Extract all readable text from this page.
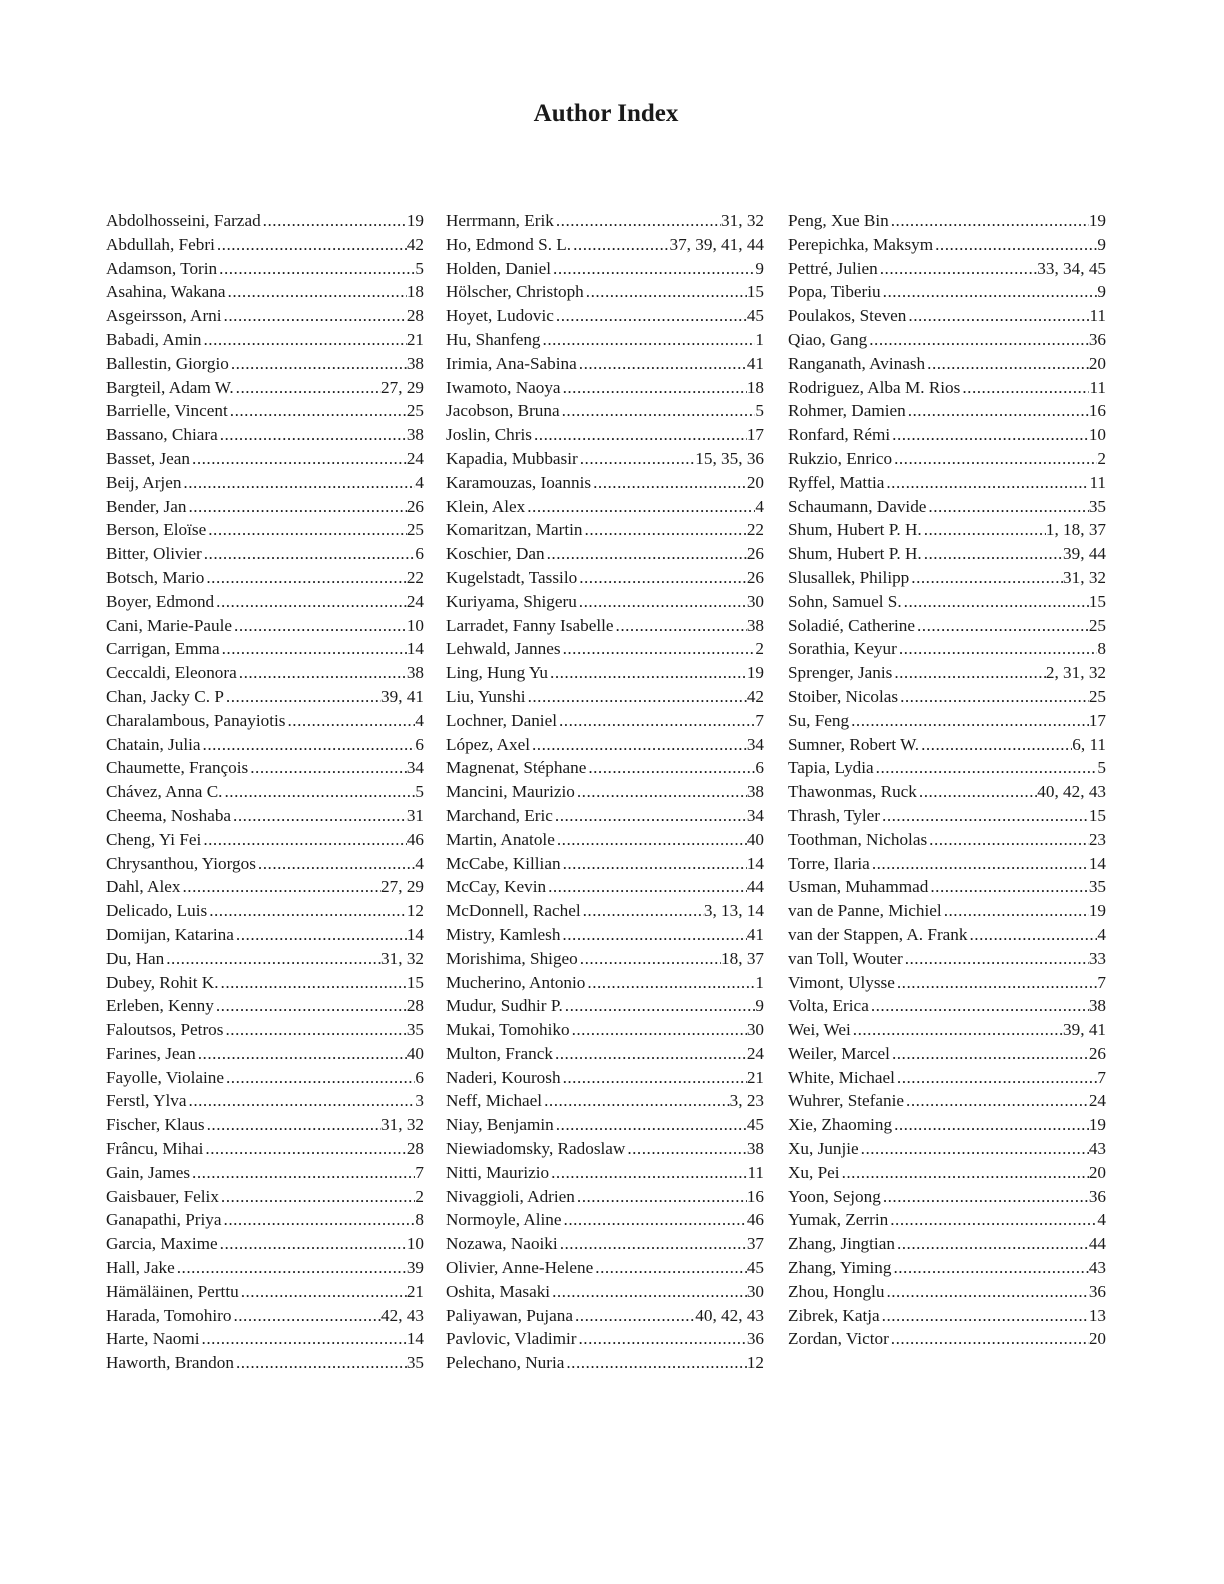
Author Index
Abdolhosseini, Farzad .....	19
Abdullah, Febri .....	42
Adamson, Torin .....	5
Asahina, Wakana .....	18
Asgeirsson, Arni .....	28
Babadi, Amin .....	21
Ballestin, Giorgio .....	38
Bargteil, Adam W. .....	27, 29
Barrielle, Vincent .....	25
Bassano, Chiara .....	38
Basset, Jean .....	24
Beij, Arjen .....	4
Bender, Jan .....	26
Berson, Eloïse .....	25
Bitter, Olivier .....	6
Botsch, Mario .....	22
Boyer, Edmond .....	24
Cani, Marie-Paule .....	10
Carrigan, Emma .....	14
Ceccaldi, Eleonora .....	38
Chan, Jacky C. P .....	39, 41
Charalambous, Panayiotis .....	4
Chatain, Julia .....	6
Chaumette, François .....	34
Chávez, Anna C. .....	5
Cheema, Noshaba .....	31
Cheng, Yi Fei .....	46
Chrysanthou, Yiorgos .....	4
Dahl, Alex .....	27, 29
Delicado, Luis .....	12
Domijan, Katarina .....	14
Du, Han .....	31, 32
Dubey, Rohit K. .....	15
Erleben, Kenny .....	28
Faloutsos, Petros .....	35
Farines, Jean .....	40
Fayolle, Violaine .....	6
Ferstl, Ylva .....	3
Fischer, Klaus .....	31, 32
Frâncu, Mihai .....	28
Gain, James .....	7
Gaisbauer, Felix .....	2
Ganapathi, Priya .....	8
Garcia, Maxime .....	10
Hall, Jake .....	39
Hämäläinen, Perttu .....	21
Harada, Tomohiro .....	42, 43
Harte, Naomi .....	14
Haworth, Brandon .....	35
Herrmann, Erik .....	31, 32
Ho, Edmond S. L. .....	37, 39, 41, 44
Holden, Daniel .....	9
Hölscher, Christoph .....	15
Hoyet, Ludovic .....	45
Hu, Shanfeng .....	1
Irimia, Ana-Sabina .....	41
Iwamoto, Naoya .....	18
Jacobson, Bruna .....	5
Joslin, Chris .....	17
Kapadia, Mubbasir .....	15, 35, 36
Karamouzas, Ioannis .....	20
Klein, Alex .....	4
Komaritzan, Martin .....	22
Koschier, Dan .....	26
Kugelstadt, Tassilo .....	26
Kuriyama, Shigeru .....	30
Larradet, Fanny Isabelle .....	38
Lehwald, Jannes .....	2
Ling, Hung Yu .....	19
Liu, Yunshi .....	42
Lochner, Daniel .....	7
López, Axel .....	34
Magnenat, Stéphane .....	6
Mancini, Maurizio .....	38
Marchand, Eric .....	34
Martin, Anatole .....	40
McCabe, Killian .....	14
McCay, Kevin .....	44
McDonnell, Rachel .....	3, 13, 14
Mistry, Kamlesh .....	41
Morishima, Shigeo .....	18, 37
Mucherino, Antonio .....	1
Mudur, Sudhir P. .....	9
Mukai, Tomohiko .....	30
Multon, Franck .....	24
Naderi, Kourosh .....	21
Neff, Michael .....	3, 23
Niay, Benjamin .....	45
Niewiadomsky, Radoslaw .....	38
Nitti, Maurizio .....	11
Nivaggioli, Adrien .....	16
Normoyle, Aline .....	46
Nozawa, Naoiki .....	37
Olivier, Anne-Helene .....	45
Oshita, Masaki .....	30
Paliyawan, Pujana .....	40, 42, 43
Pavlovic, Vladimir .....	36
Pelechano, Nuria .....	12
Peng, Xue Bin .....	19
Perepichka, Maksym .....	9
Pettré, Julien .....	33, 34, 45
Popa, Tiberiu .....	9
Poulakos, Steven .....	11
Qiao, Gang .....	36
Ranganath, Avinash .....	20
Rodriguez, Alba M. Rios .....	11
Rohmer, Damien .....	16
Ronfard, Rémi .....	10
Rukzio, Enrico .....	2
Ryffel, Mattia .....	11
Schaumann, Davide .....	35
Shum, Hubert P. H. .....	1, 18, 37
Shum, Hubert P. H. .....	39, 44
Slusallek, Philipp .....	31, 32
Sohn, Samuel S. .....	15
Soladié, Catherine .....	25
Sorathia, Keyur .....	8
Sprenger, Janis .....	2, 31, 32
Stoiber, Nicolas .....	25
Su, Feng .....	17
Sumner, Robert W. .....	6, 11
Tapia, Lydia .....	5
Thawonmas, Ruck .....	40, 42, 43
Thrash, Tyler .....	15
Toothman, Nicholas .....	23
Torre, Ilaria .....	14
Usman, Muhammad .....	35
van de Panne, Michiel .....	19
van der Stappen, A. Frank .....	4
van Toll, Wouter .....	33
Vimont, Ulysse .....	7
Volta, Erica .....	38
Wei, Wei .....	39, 41
Weiler, Marcel .....	26
White, Michael .....	7
Wuhrer, Stefanie .....	24
Xie, Zhaoming .....	19
Xu, Junjie .....	43
Xu, Pei .....	20
Yoon, Sejong .....	36
Yumak, Zerrin .....	4
Zhang, Jingtian .....	44
Zhang, Yiming .....	43
Zhou, Honglu .....	36
Zibrek, Katja .....	13
Zordan, Victor .....	20
